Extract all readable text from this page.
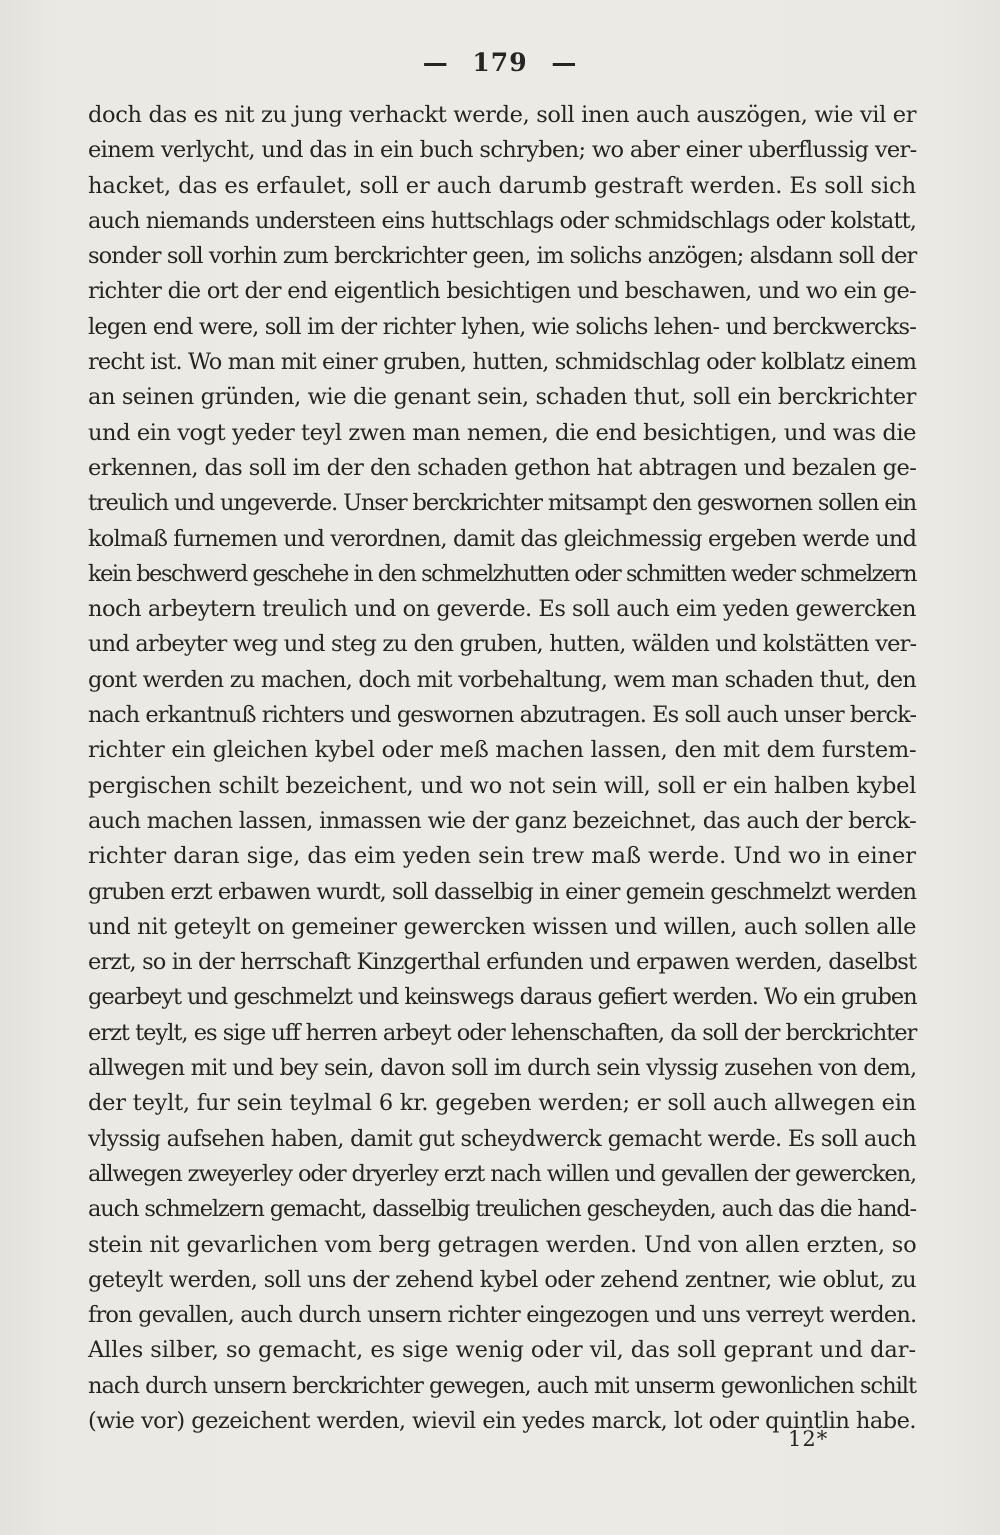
— 179 —
doch das es nit zu jung verhackt werde, soll inen auch auszögen, wie vil er
einem verlycht, und das in ein buch schryben; wo aber einer uberflussig ver-
hacket, das es erfaulet, soll er auch darumb gestraft werden. Es soll sich
auch niemands understeen eins huttschlags oder schmidschlags oder kolstatt,
sonder soll vorhin zum berckrichter geen, im solichs anzögen; alsdann soll der
richter die ort der end eigentlich besichtigen und beschawen, und wo ein ge-
legen end were, soll im der richter lyhen, wie solichs lehen- und berckwercks-
recht ist. Wo man mit einer gruben, hutten, schmidschlag oder kolblatz einem
an seinen gründen, wie die genant sein, schaden thut, soll ein berckrichter
und ein vogt yeder teyl zwen man nemen, die end besichtigen, und was die
erkennen, das soll im der den schaden gethon hat abtragen und bezalen ge-
treulich und ungeverde. Unser berckrichter mitsampt den geswornen sollen ein
kolmaß furnemen und verordnen, damit das gleichmessig ergeben werde und
kein beschwerd geschehe in den schmelzhutten oder schmitten weder schmelzern
noch arbeytern treulich und on geverde. Es soll auch eim yeden gewercken
und arbeyter weg und steg zu den gruben, hutten, wälden und kolstätten ver-
gont werden zu machen, doch mit vorbehaltung, wem man schaden thut, den
nach erkantnuß richters und geswornen abzutragen. Es soll auch unser berck-
richter ein gleichen kybel oder meß machen lassen, den mit dem furstem-
pergischen schilt bezeichent, und wo not sein will, soll er ein halben kybel
auch machen lassen, inmassen wie der ganz bezeichnet, das auch der berck-
richter daran sige, das eim yeden sein trew maß werde. Und wo in einer
gruben erzt erbawen wurdt, soll dasselbig in einer gemein geschmelzt werden
und nit geteylt on gemeiner gewercken wissen und willen, auch sollen alle
erzt, so in der herrschaft Kinzgerthal erfunden und erpawen werden, daselbst
gearbeyt und geschmelzt und keinswegs daraus gefiert werden. Wo ein gruben
erzt teylt, es sige uff herren arbeyt oder lehenschaften, da soll der berckrichter
allwegen mit und bey sein, davon soll im durch sein vlyssig zusehen von dem,
der teylt, fur sein teylmal 6 kr. gegeben werden; er soll auch allwegen ein
vlyssig aufsehen haben, damit gut scheydwerck gemacht werde. Es soll auch
allwegen zweyerley oder dryerley erzt nach willen und gevallen der gewercken,
auch schmelzern gemacht, dasselbig treulichen gescheyden, auch das die hand-
stein nit gevarlichen vom berg getragen werden. Und von allen erzten, so
geteylt werden, soll uns der zehend kybel oder zehend zentner, wie oblut, zu
fron gevallen, auch durch unsern richter eingezogen und uns verreyt werden.
Alles silber, so gemacht, es sige wenig oder vil, das soll geprant und dar-
nach durch unsern berckrichter gewegen, auch mit unserm gewonlichen schilt
(wie vor) gezeichent werden, wievil ein yedes marck, lot oder quintlin habe.

12*
